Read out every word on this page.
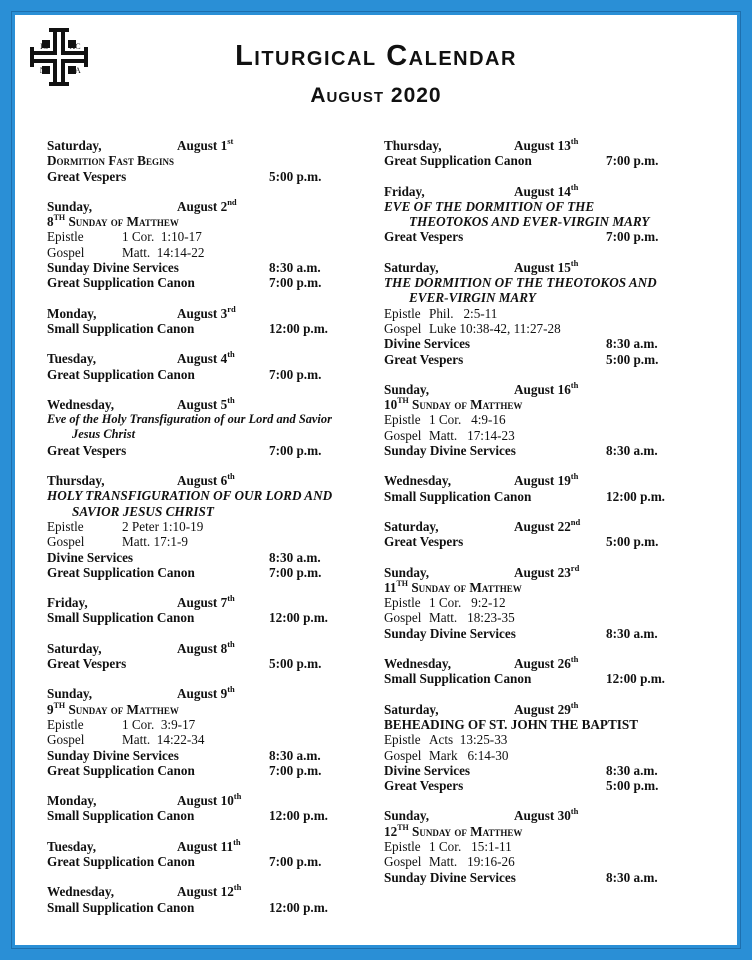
IC	XC
NI	KA	Liturgical Calendar
August 2020
Saturday,	August 1st
Dormition Fast Begins
Great Vespers	5:00 p.m.
Sunday,	August 2nd
8TH Sunday of Matthew
Epistle	1 Cor.  1:10-17
Gospel	Matt.  14:14-22
Sunday Divine Services	8:30 a.m.
Great Supplication Canon	7:00 p.m.
Monday,	August 3rd
Small Supplication Canon	12:00 p.m.
Tuesday,	August 4th
Great Supplication Canon	7:00 p.m.
Wednesday,	August 5th
Eve of the Holy Transfiguration of our Lord and Savior Jesus Christ
Great Vespers	7:00 p.m.
Thursday,	August 6th
HOLY TRANSFIGURATION OF OUR LORD AND SAVIOR JESUS CHRIST
Epistle	2 Peter 1:10-19
Gospel	Matt. 17:1-9
Divine Services	8:30 a.m.
Great Supplication Canon	7:00 p.m.
Friday,	August 7th
Small Supplication Canon	12:00 p.m.
Saturday,	August 8th
Great Vespers	5:00 p.m.
Sunday,	August 9th
9TH Sunday of Matthew
Epistle	1 Cor.  3:9-17
Gospel	Matt.  14:22-34
Sunday Divine Services	8:30 a.m.
Great Supplication Canon	7:00 p.m.
Monday,	August 10th
Small Supplication Canon	12:00 p.m.
Tuesday,	August 11th
Great Supplication Canon	7:00 p.m.
Wednesday,	August 12th
Small Supplication Canon	12:00 p.m.
Thursday,	August 13th
Great Supplication Canon	7:00 p.m.
Friday,	August 14th
EVE OF THE DORMITION OF THE THEOTOKOS AND EVER-VIRGIN MARY
Great Vespers	7:00 p.m.
Saturday,	August 15th
THE DORMITION OF THE THEOTOKOS AND EVER-VIRGIN MARY
Epistle Phil.   2:5-11
Gospel Luke 10:38-42, 11:27-28
Divine Services	8:30 a.m.
Great Vespers	5:00 p.m.
Sunday,	August 16th
10TH Sunday of Matthew
Epistle 1 Cor.   4:9-16
Gospel Matt.   17:14-23
Sunday Divine Services	8:30 a.m.
Wednesday,	August 19th
Small Supplication Canon	12:00 p.m.
Saturday,	August 22nd
Great Vespers	5:00 p.m.
Sunday,	August 23rd
11TH Sunday of Matthew
Epistle 1 Cor.   9:2-12
Gospel Matt.   18:23-35
Sunday Divine Services	8:30 a.m.
Wednesday,	August 26th
Small Supplication Canon	12:00 p.m.
Saturday,	August 29th
BEHEADING OF ST. JOHN THE BAPTIST
Epistle Acts  13:25-33
Gospel Mark   6:14-30
Divine Services	8:30 a.m.
Great Vespers	5:00 p.m.
Sunday,	August 30th
12TH Sunday of Matthew
Epistle 1 Cor.   15:1-11
Gospel Matt.   19:16-26
Sunday Divine Services	8:30 a.m.
